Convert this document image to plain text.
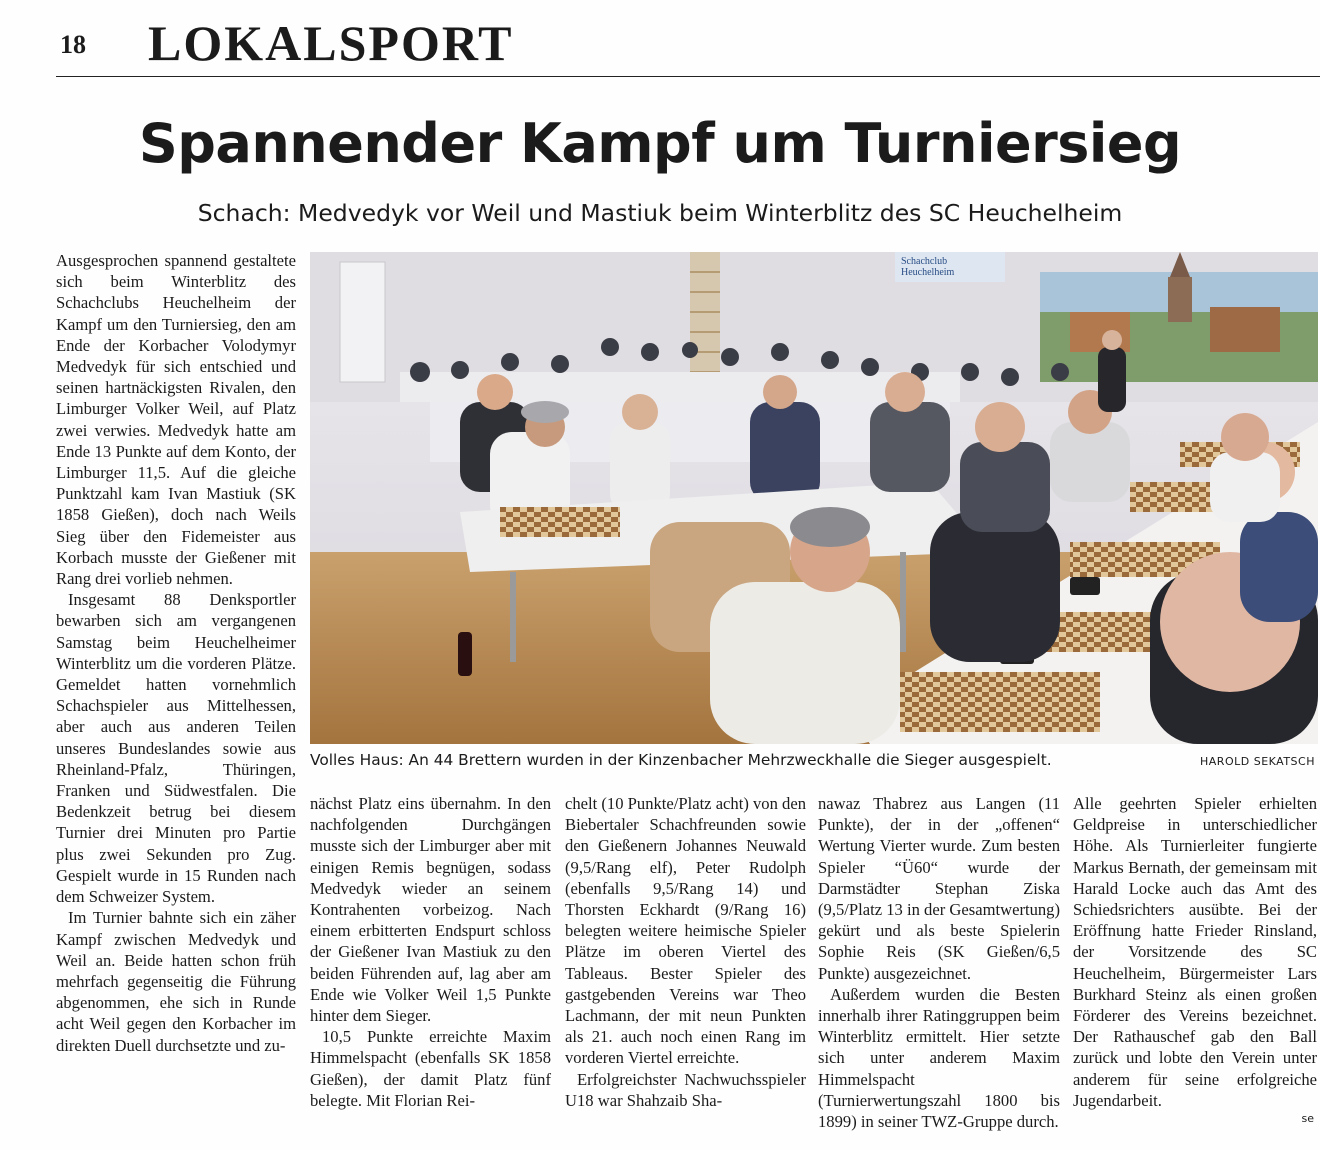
18 LOKALSPORT
Spannender Kampf um Turniersieg
Schach: Medvedyk vor Weil und Mastiuk beim Winterblitz des SC Heuchelheim

Ausgesprochen spannend gestaltete sich beim Winterblitz des Schachclubs Heuchelheim der Kampf um den Turniersieg, den am Ende der Korbacher Volodymyr Medvedyk für sich entschied und seinen hartnäckigsten Rivalen, den Limburger Volker Weil, auf Platz zwei verwies. Medvedyk hatte am Ende 13 Punkte auf dem Konto, der Limburger 11,5. Auf die gleiche Punktzahl kam Ivan Mastiuk (SK 1858 Gießen), doch nach Weils Sieg über den Fidemeister aus Korbach musste der Gießener mit Rang drei vorlieb nehmen.

Insgesamt 88 Denksportler bewarben sich am vergangenen Samstag beim Heuchelheimer Winterblitz um die vorderen Plätze. Gemeldet hatten vornehmlich Schachspieler aus Mittelhessen, aber auch aus anderen Teilen unseres Bundeslandes sowie aus Rheinland-Pfalz, Thüringen, Franken und Südwestfalen. Die Bedenkzeit betrug bei diesem Turnier drei Minuten pro Partie plus zwei Sekunden pro Zug. Gespielt wurde in 15 Runden nach dem Schweizer System.

Im Turnier bahnte sich ein zäher Kampf zwischen Medvedyk und Weil an. Beide hatten schon früh mehrfach gegenseitig die Führung abgenommen, ehe sich in Runde acht Weil gegen den Korbacher im direkten Duell durchsetzte und zu-

Schachclub
Heuchelheim
Volles Haus: An 44 Brettern wurden in der Kinzenbacher Mehrzweckhalle die Sieger ausgespielt.	HAROLD SEKATSCH

nächst Platz eins übernahm. In den nachfolgenden Durchgängen musste sich der Limburger aber mit einigen Remis begnügen, sodass Medvedyk wieder an seinem Kontrahenten vorbeizog. Nach einem erbitterten Endspurt schloss der Gießener Ivan Mastiuk zu den beiden Führenden auf, lag aber am Ende wie Volker Weil 1,5 Punkte hinter dem Sieger.

10,5 Punkte erreichte Maxim Himmelspacht (ebenfalls SK 1858 Gießen), der damit Platz fünf belegte. Mit Florian Rei-

chelt (10 Punkte/Platz acht) von den Biebertaler Schachfreunden sowie den Gießenern Johannes Neuwald (9,5/Rang elf), Peter Rudolph (ebenfalls 9,5/Rang 14) und Thorsten Eckhardt (9/Rang 16) belegten weitere heimische Spieler Plätze im oberen Viertel des Tableaus. Bester Spieler des gastgebenden Vereins war Theo Lachmann, der mit neun Punkten als 21. auch noch einen Rang im vorderen Viertel erreichte.

Erfolgreichster Nachwuchsspieler U18 war Shahzaib Sha-

nawaz Thabrez aus Langen (11 Punkte), der in der „offenen“ Wertung Vierter wurde. Zum besten Spieler “Ü60“ wurde der Darmstädter Stephan Ziska (9,5/Platz 13 in der Gesamtwertung) gekürt und als beste Spielerin Sophie Reis (SK Gießen/6,5 Punkte) ausgezeichnet.

Außerdem wurden die Besten innerhalb ihrer Ratinggruppen beim Winterblitz ermittelt. Hier setzte sich unter anderem Maxim Himmelspacht (Turnierwertungszahl 1800 bis 1899) in seiner TWZ-Gruppe durch.

Alle geehrten Spieler erhielten Geldpreise in unterschiedlicher Höhe. Als Turnierleiter fungierte Markus Bernath, der gemeinsam mit Harald Locke auch das Amt des Schiedsrichters ausübte. Bei der Eröffnung hatte Frieder Rinsland, der Vorsitzende des SC Heuchelheim, Bürgermeister Lars Burkhard Steinz als einen großen Förderer des Vereins bezeichnet. Der Rathauschef gab den Ball zurück und lobte den Verein unter anderem für seine erfolgreiche Jugendarbeit.

se
